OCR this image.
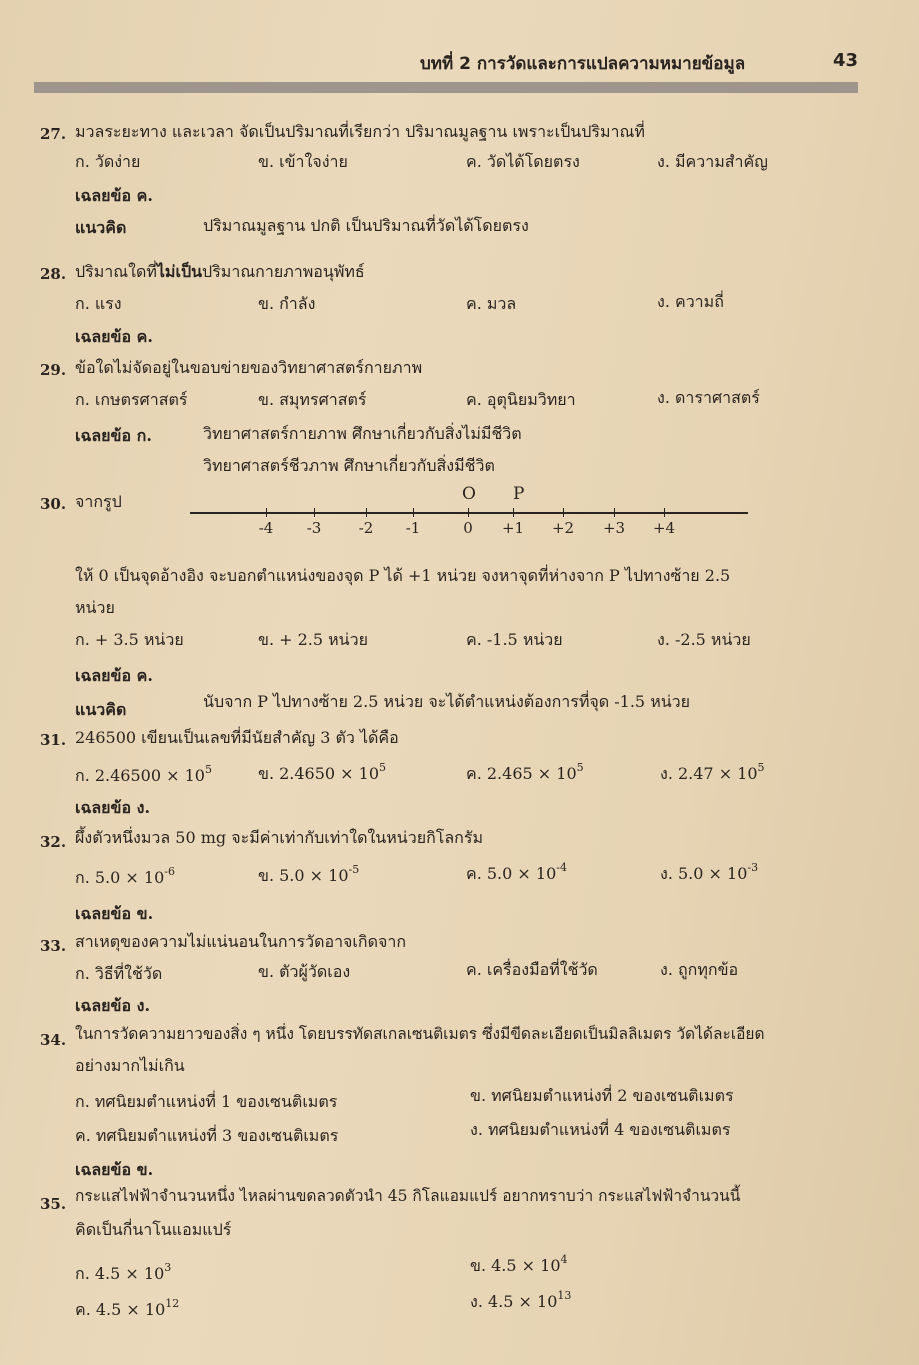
บทที่ 2 การวัดและการแปลความหมายข้อมูล	43
27. มวลระยะทาง และเวลา จัดเป็นปริมาณที่เรียกว่า ปริมาณมูลฐาน เพราะเป็นปริมาณที่
ก. วัดง่าย	ข. เข้าใจง่าย	ค. วัดได้โดยตรง	ง. มีความสำคัญ
เฉลยข้อ ค.
แนวคิด	ปริมาณมูลฐาน ปกติ เป็นปริมาณที่วัดได้โดยตรง
28. ปริมาณใดที่ไม่เป็นปริมาณกายภาพอนุพัทธ์
ก. แรง	ข. กำลัง	ค. มวล	ง. ความถี่
เฉลยข้อ ค.
29. ข้อใดไม่จัดอยู่ในขอบข่ายของวิทยาศาสตร์กายภาพ
ก. เกษตรศาสตร์	ข. สมุทรศาสตร์	ค. อุตุนิยมวิทยา	ง. ดาราศาสตร์
เฉลยข้อ ก.	วิทยาศาสตร์กายภาพ ศึกษาเกี่ยวกับสิ่งไม่มีชีวิต
วิทยาศาสตร์ชีวภาพ ศึกษาเกี่ยวกับสิ่งมีชีวิต
30. จากรูป	O P
-4	-3	-2	-1	0	+1	+2	+3	+4
ให้ 0 เป็นจุดอ้างอิง จะบอกตำแหน่งของจุด P ได้ +1 หน่วย จงหาจุดที่ห่างจาก P ไปทางซ้าย 2.5
หน่วย
ก. + 3.5 หน่วย	ข. + 2.5 หน่วย	ค. -1.5 หน่วย	ง. -2.5 หน่วย
เฉลยข้อ ค.
แนวคิด	นับจาก P ไปทางซ้าย 2.5 หน่วย จะได้ตำแหน่งต้องการที่จุด -1.5 หน่วย
31. 246500 เขียนเป็นเลขที่มีนัยสำคัญ 3 ตัว ได้คือ
ก. $2.46500 \times 10^5$	ข. $2.4650 \times 10^5$	ค. $2.465 \times 10^5$	ง. $2.47 \times 10^5$
เฉลยข้อ ง.
32. ผึ้งตัวหนึ่งมวล 50 mg จะมีค่าเท่ากับเท่าใดในหน่วยกิโลกรัม
ก. $5.0 \times 10^{-6}$	ข. $5.0 \times 10^{-5}$	ค. $5.0 \times 10^{-4}$	ง. $5.0 \times 10^{-3}$
เฉลยข้อ ข.
33. สาเหตุของความไม่แน่นอนในการวัดอาจเกิดจาก
ก. วิธีที่ใช้วัด	ข. ตัวผู้วัดเอง	ค. เครื่องมือที่ใช้วัด	ง. ถูกทุกข้อ
เฉลยข้อ ง.
34. ในการวัดความยาวของสิ่ง ๆ หนึ่ง โดยบรรทัดสเกลเซนติเมตร ซึ่งมีขีดละเอียดเป็นมิลลิเมตร วัดได้ละเอียด
อย่างมากไม่เกิน
ก. ทศนิยมตำแหน่งที่ 1 ของเซนติเมตร	ข. ทศนิยมตำแหน่งที่ 2 ของเซนติเมตร
ค. ทศนิยมตำแหน่งที่ 3 ของเซนติเมตร	ง. ทศนิยมตำแหน่งที่ 4 ของเซนติเมตร
เฉลยข้อ ข.
35. กระแสไฟฟ้าจำนวนหนึ่ง ไหลผ่านขดลวดตัวนำ 45 กิโลแอมแปร์ อยากทราบว่า กระแสไฟฟ้าจำนวนนี้
คิดเป็นกี่นาโนแอมแปร์
ก. $4.5 \times 10^3$	ข. $4.5 \times 10^4$
ค. $4.5 \times 10^{12}$	ง. $4.5 \times 10^{13}$
